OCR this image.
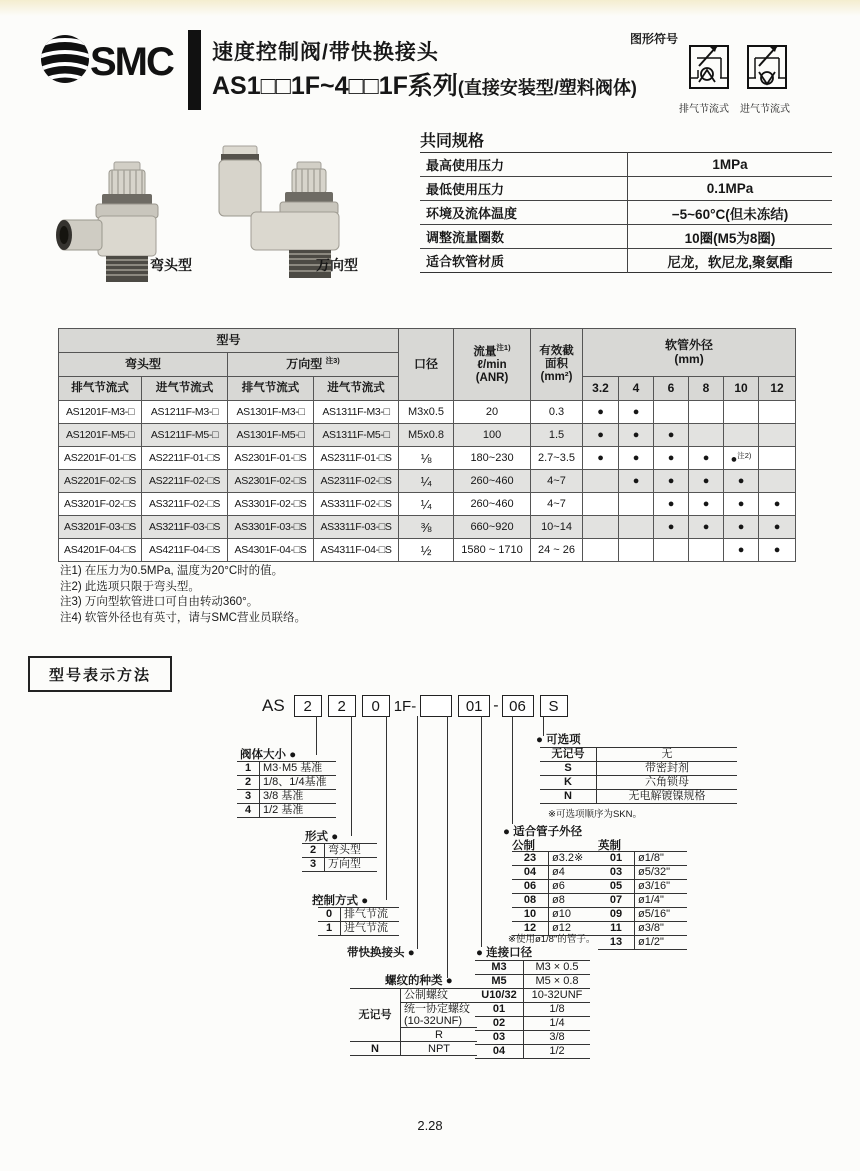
SMC 速度控制阀/带快换接头
AS1□□1F~4□□1F系列(直接安装型/塑料阀体)
图形符号
排气节流式 进气节流式
弯头型	万向型
共同规格
最高使用压力	1MPa
最低使用压力	0.1MPa
环境及流体温度	−5~60°C(但未冻结)
调整流量圈数	10圈(M5为8圈)
适合软管材质	尼龙，软尼龙,聚氨酯
型号				口径	流量$^{注1)}$
ℓ/min
(ANR)	有效截
面积
(mm²)	软管外径
(mm)					
弯头型		万向型 $^{注3)}$
排气节流式	进气节流式	排气节流式	进气节流式				3.2	4	6	8	10	12
AS1201F-M3-□	AS1211F-M3-□	AS1301F-M3-□	AS1311F-M3-□	M3x0.5	20	0.3	●	●				
AS1201F-M5-□	AS1211F-M5-□	AS1301F-M5-□	AS1311F-M5-□	M5x0.8	100	1.5	●	●	●			
AS2201F-01-□S	AS2211F-01-□S	AS2301F-01-□S	AS2311F-01-□S	⅛	180~230	2.7~3.5	●	●	●	●	●$^{注2)}$	
AS2201F-02-□S	AS2211F-02-□S	AS2301F-02-□S	AS2311F-02-□S	¼	260~460	4~7		●	●	●	●	
AS3201F-02-□S	AS3211F-02-□S	AS3301F-02-□S	AS3311F-02-□S	¼	260~460	4~7			●	●	●	●
AS3201F-03-□S	AS3211F-03-□S	AS3301F-03-□S	AS3311F-03-□S	⅜	660~920	10~14			●	●	●	●
AS4201F-04-□S	AS4211F-04-□S	AS4301F-04-□S	AS4311F-04-□S	½	1580 ~ 1710	24 ~ 26					●	●
注1) 在压力为0.5MPa, 温度为20°C时的值。
注2) 此选项只限于弯头型。
注3) 万向型软管进口可自由转动360°。
注4) 软管外径也有英寸，请与SMC营业员联络。
型号表示方法
AS	2	2	0 1F-	01 - 06	S
阀体大小 ●
1	M3·M5 基准
2	1/8、1/4基准
3	3/8 基准
4	1/2 基准
形式 ●
2	弯头型
3	万向型
控制方式 ●
0	排气节流
1	进气节流
带快换接头 ●
螺纹的种类 ●
无记号	公制螺纹
	统一协定螺纹
(10-32UNF)
	R
N	NPT
● 可选项
无记号	无
S	带密封剂
K	六角锁母
N	无电解镀镍规格
※可选项顺序为SKN。
● 适合管子外径
公制
23	ø3.2※
04	ø4
06	ø6
08	ø8
10	ø10
12	ø12
※使用ø1/8"的管子。
英制
01	ø1/8"
03	ø5/32"
05	ø3/16"
07	ø1/4"
09	ø5/16"
11	ø3/8"
13	ø1/2"
● 连接口径
M3	M3 × 0.5
M5	M5 × 0.8
U10/32	10-32UNF
01	1/8
02	1/4
03	3/8
04	1/2
2.28
